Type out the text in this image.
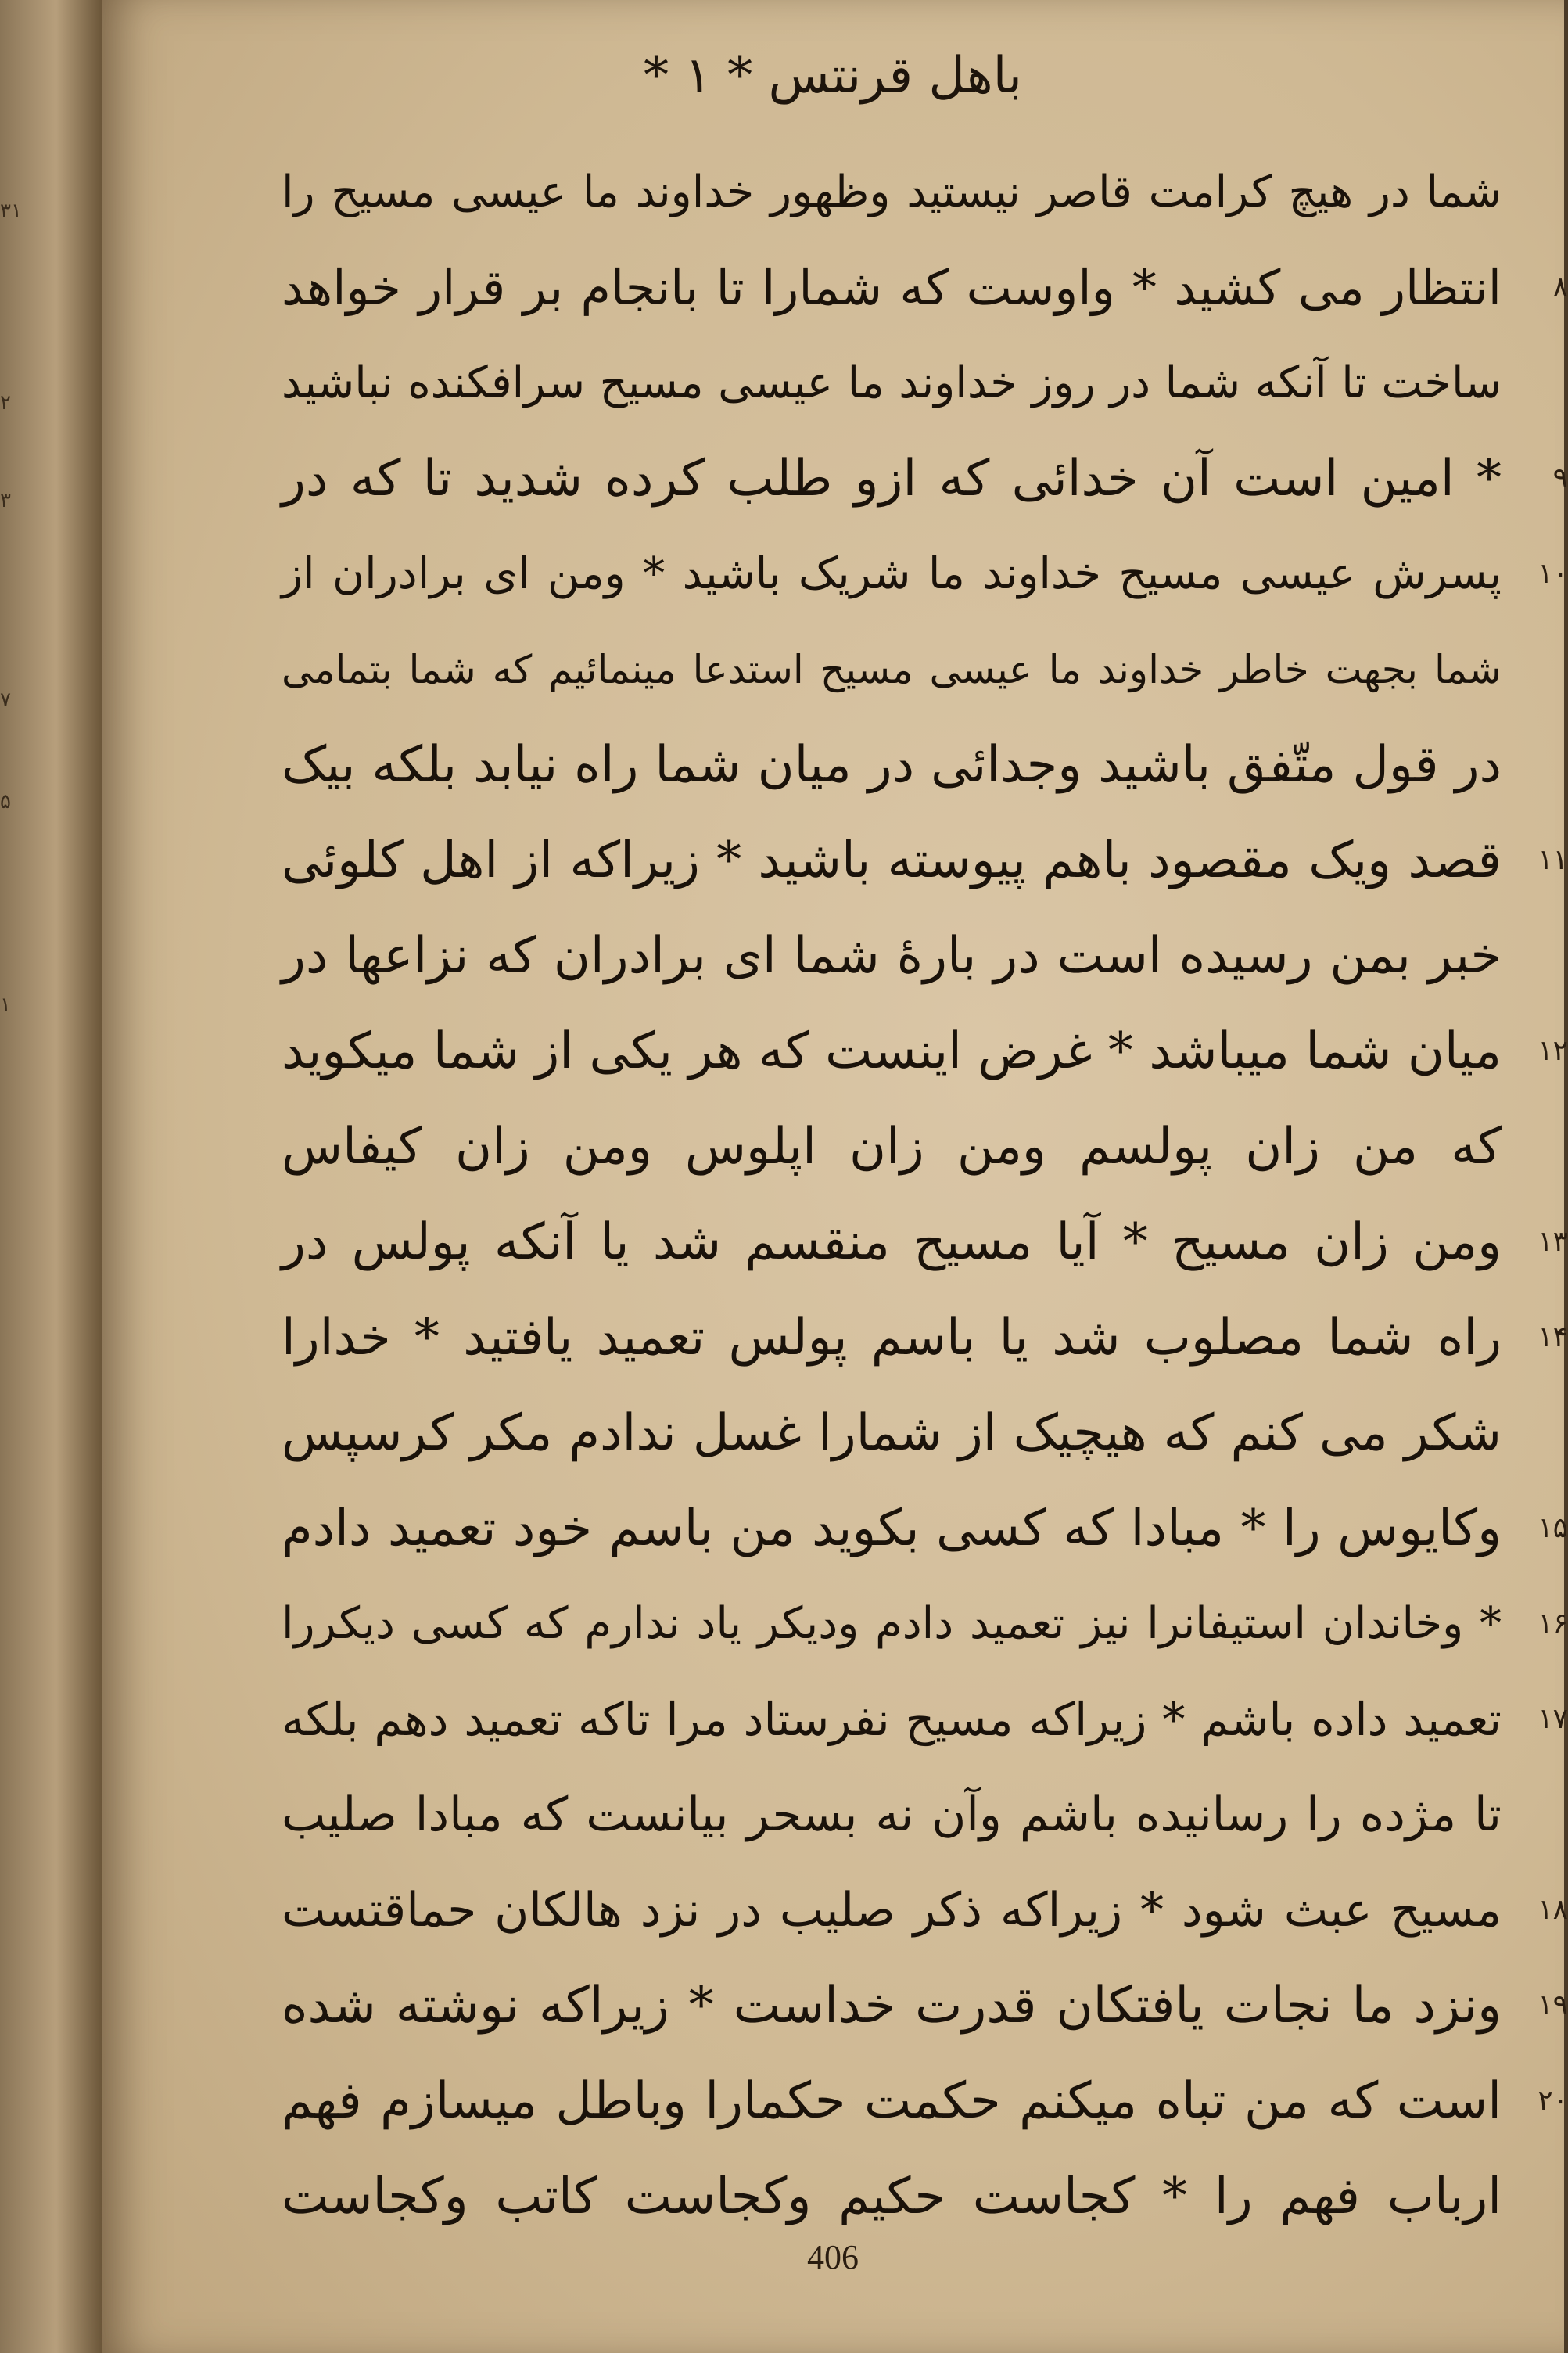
۳۱
۲
۳
۷
۵
۱
باهل قرنتس * ۱ *
شما در هیچ کرامت قاصر نیستید وظهور خداوند ما عیسی مسیح را
۸
انتظار می کشید * واوست که شمارا تا بانجام بر قرار خواهد
ساخت تا آنکه شما در روز خداوند ما عیسی مسیح سرافکنده نباشید
۹
* امین است آن خدائی که ازو طلب کرده شدید تا که در
۱۰
پسرش عیسی مسیح خداوند ما شریک باشید * ومن ای برادران از
شما بجهت خاطر خداوند ما عیسی مسیح استدعا مینمائیم که شما بتمامی
در قول متّفق باشید وجدائی در میان شما راه نیابد بلکه بیک
۱۱
قصد ویک مقصود باهم پیوسته باشید * زیراکه از اهل کلوئی
خبر بمن رسیده است در بارهٔ شما ای برادران که نزاعها در
۱۲
میان شما میباشد * غرض اینست که هر یکی از شما میکوید
که من زان پولسم ومن زان اپلوس ومن زان کیفاس
۱۳
ومن زان مسیح * آیا مسیح منقسم شد یا آنکه پولس در
۱۴
راه شما مصلوب شد یا باسم پولس تعمید یافتید * خدارا
شکر می کنم که هیچیک از شمارا غسل ندادم مکر کرسپس
۱۵
وکایوس را * مبادا که کسی بکوید من باسم خود تعمید دادم
۱۶
* وخاندان استیفانرا نیز تعمید دادم ودیکر یاد ندارم که کسی دیکررا
۱۷
تعمید داده باشم * زیراکه مسیح نفرستاد مرا تاکه تعمید دهم بلکه
تا مژده را رسانیده باشم وآن نه بسحر بیانست که مبادا صلیب
۱۸
مسیح عبث شود * زیراکه ذکر صلیب در نزد هالکان حماقتست
۱۹
ونزد ما نجات یافتکان قدرت خداست * زیراکه نوشته شده
۲۰
است که من تباه میکنم حکمت حکمارا وباطل میسازم فهم
ارباب فهم را * کجاست حکیم وکجاست کاتب وکجاست
406
